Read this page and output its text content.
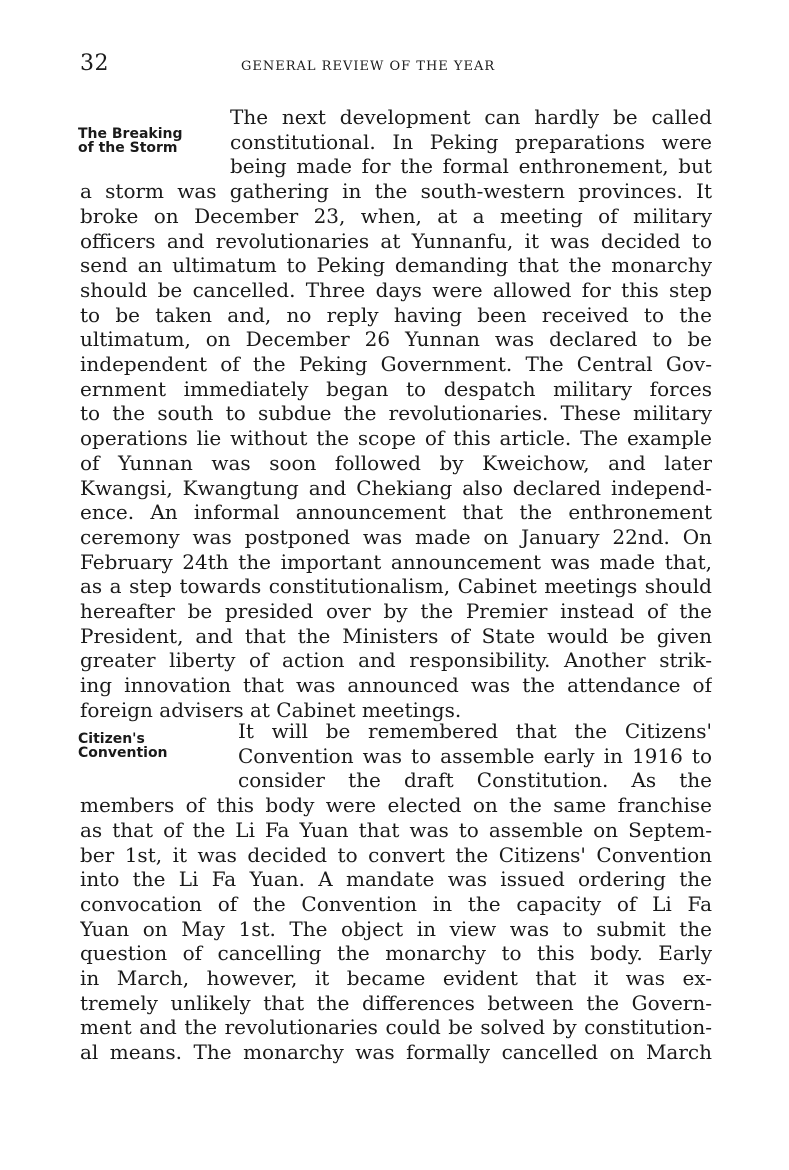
32	GENERAL REVIEW OF THE YEAR
The Breaking
of the Storm
Citizen's
Convention
The next development can hardly be called
constitutional. In Peking preparations were
being made for the formal enthronement, but
a storm was gathering in the south-western provinces. It
broke on December 23, when, at a meeting of military
officers and revolutionaries at Yunnanfu, it was decided to
send an ultimatum to Peking demanding that the monarchy
should be cancelled. Three days were allowed for this step
to be taken and, no reply having been received to the
ultimatum, on December 26 Yunnan was declared to be
independent of the Peking Government. The Central Gov-
ernment immediately began to despatch military forces
to the south to subdue the revolutionaries. These military
operations lie without the scope of this article. The example
of Yunnan was soon followed by Kweichow, and later
Kwangsi, Kwangtung and Chekiang also declared independ-
ence. An informal announcement that the enthronement
ceremony was postponed was made on January 22nd. On
February 24th the important announcement was made that,
as a step towards constitutionalism, Cabinet meetings should
hereafter be presided over by the Premier instead of the
President, and that the Ministers of State would be given
greater liberty of action and responsibility. Another strik-
ing innovation that was announced was the attendance of
foreign advisers at Cabinet meetings.
It will be remembered that the Citizens'
Convention was to assemble early in 1916 to
consider the draft Constitution. As the
members of this body were elected on the same franchise
as that of the Li Fa Yuan that was to assemble on Septem-
ber 1st, it was decided to convert the Citizens' Convention
into the Li Fa Yuan. A mandate was issued ordering the
convocation of the Convention in the capacity of Li Fa
Yuan on May 1st. The object in view was to submit the
question of cancelling the monarchy to this body. Early
in March, however, it became evident that it was ex-
tremely unlikely that the differences between the Govern-
ment and the revolutionaries could be solved by constitution-
al means. The monarchy was formally cancelled on March
